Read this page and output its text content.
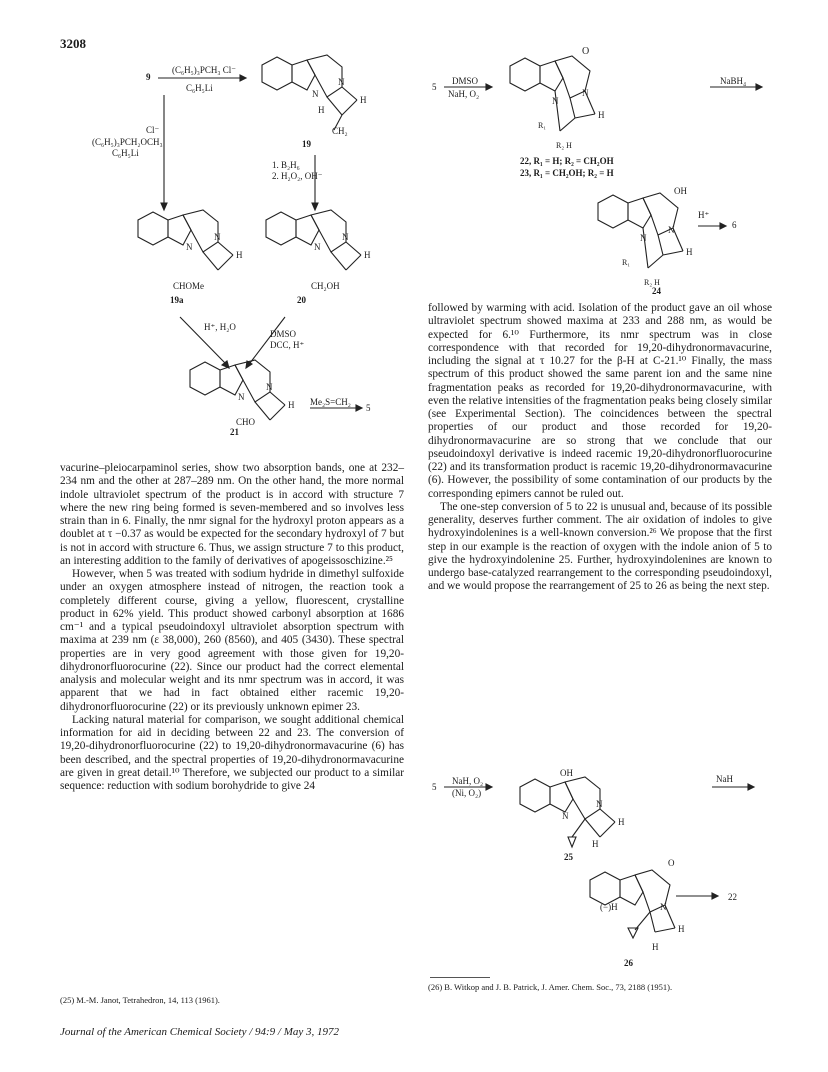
3208
9
(C₆H₅)₃PCH₃ Cl⁻
C₆H₅Li
Cl⁻
(C₆H₅)₃PCH₂OCH₃
C₆H₅Li
CH₂
19
1. B₂H₆
2. H₂O₂, OH⁻
CHOMe
19a
CH₂OH
20
H⁺, H₂O
DMSO
DCC, H⁺
Me₂S=CH₂
5
CHO
21
N
N
H
H
N
N
H
N
N
H
N
N
H
5
DMSO
NaH, O₂
NaBH₄
22, R₁ = H; R₂ = CH₂OH
23, R₁ = CH₂OH; R₂ = H
OH
H⁺
6
24
N
N
H
O
R₁
R₂ H
N
N
H
R₁
R₂ H

vacurine–pleiocarpaminol series, show two absorption bands, one at 232–234 nm and the other at 287–289 nm. On the other hand, the more normal indole ultraviolet spectrum of the product is in accord with structure 7 where the new ring being formed is seven-membered and so involves less strain than in 6. Finally, the nmr signal for the hydroxyl proton appears as a doublet at τ −0.37 as would be expected for the secondary hydroxyl of 7 but is not in accord with structure 6. Thus, we assign structure 7 to this product, an interesting addition to the family of derivatives of apogeissoschizine.²⁵

However, when 5 was treated with sodium hydride in dimethyl sulfoxide under an oxygen atmosphere instead of nitrogen, the reaction took a completely different course, giving a yellow, fluorescent, crystalline product in 62% yield. This product showed carbonyl absorption at 1686 cm⁻¹ and a typical pseudoindoxyl ultraviolet absorption spectrum with maxima at 239 nm (ε 38,000), 260 (8560), and 405 (3430). These spectral properties are in very good agreement with those given for 19,20-dihydronorfluorocurine (22). Since our product had the correct elemental analysis and molecular weight and its nmr spectrum was in accord, it was apparent that we had in fact obtained either racemic 19,20-dihydronorfluorocurine (22) or its previously unknown epimer 23.

Lacking natural material for comparison, we sought additional chemical information for aid in deciding between 22 and 23. The conversion of 19,20-dihydronorfluorocurine (22) to 19,20-dihydronormavacurine (6) has been described, and the spectral properties of 19,20-dihydronormavacurine are given in great detail.¹⁰ Therefore, we subjected our product to a similar sequence: reduction with sodium borohydride to give 24

followed by warming with acid. Isolation of the product gave an oil whose ultraviolet spectrum showed maxima at 233 and 288 nm, as would be expected for 6.¹⁰ Furthermore, its nmr spectrum was in close correspondence with that recorded for 19,20-dihydronormavacurine, including the signal at τ 10.27 for the β-H at C-21.¹⁰ Finally, the mass spectrum of this product showed the same parent ion and the same nine fragmentation peaks as recorded for 19,20-dihydronormavacurine, with even the relative intensities of the fragmentation peaks being closely similar (see Experimental Section). The coincidences between the spectral properties of our product and those recorded for 19,20-dihydronormavacurine are so strong that we conclude that our pseudoindoxyl derivative is indeed racemic 19,20-dihydronorfluorocurine (22) and its transformation product is racemic 19,20-dihydronormavacurine (6). However, the possibility of some contamination of our products by the corresponding epimers cannot be ruled out.

The one-step conversion of 5 to 22 is unusual and, because of its possible generality, deserves further comment. The air oxidation of indoles to give hydroxyindolenines is a well-known conversion.²⁶ We propose that the first step in our example is the reaction of oxygen with the indole anion of 5 to give the hydroxyindolenine 25. Further, hydroxyindolenines are known to undergo base-catalyzed rearrangement to the corresponding pseudoindoxyl, and we would propose the rearrangement of 25 to 26 as being the next step.

5
NaH, O₂
(Ni, O₂)
OH
NaH
25
O
(−)H
22
26
N
N
H
H
N
H
H
(25) M.-M. Janot, Tetrahedron, 14, 113 (1961).
(26) B. Witkop and J. B. Patrick, J. Amer. Chem. Soc., 73, 2188 (1951).
Journal of the American Chemical Society / 94:9 / May 3, 1972
